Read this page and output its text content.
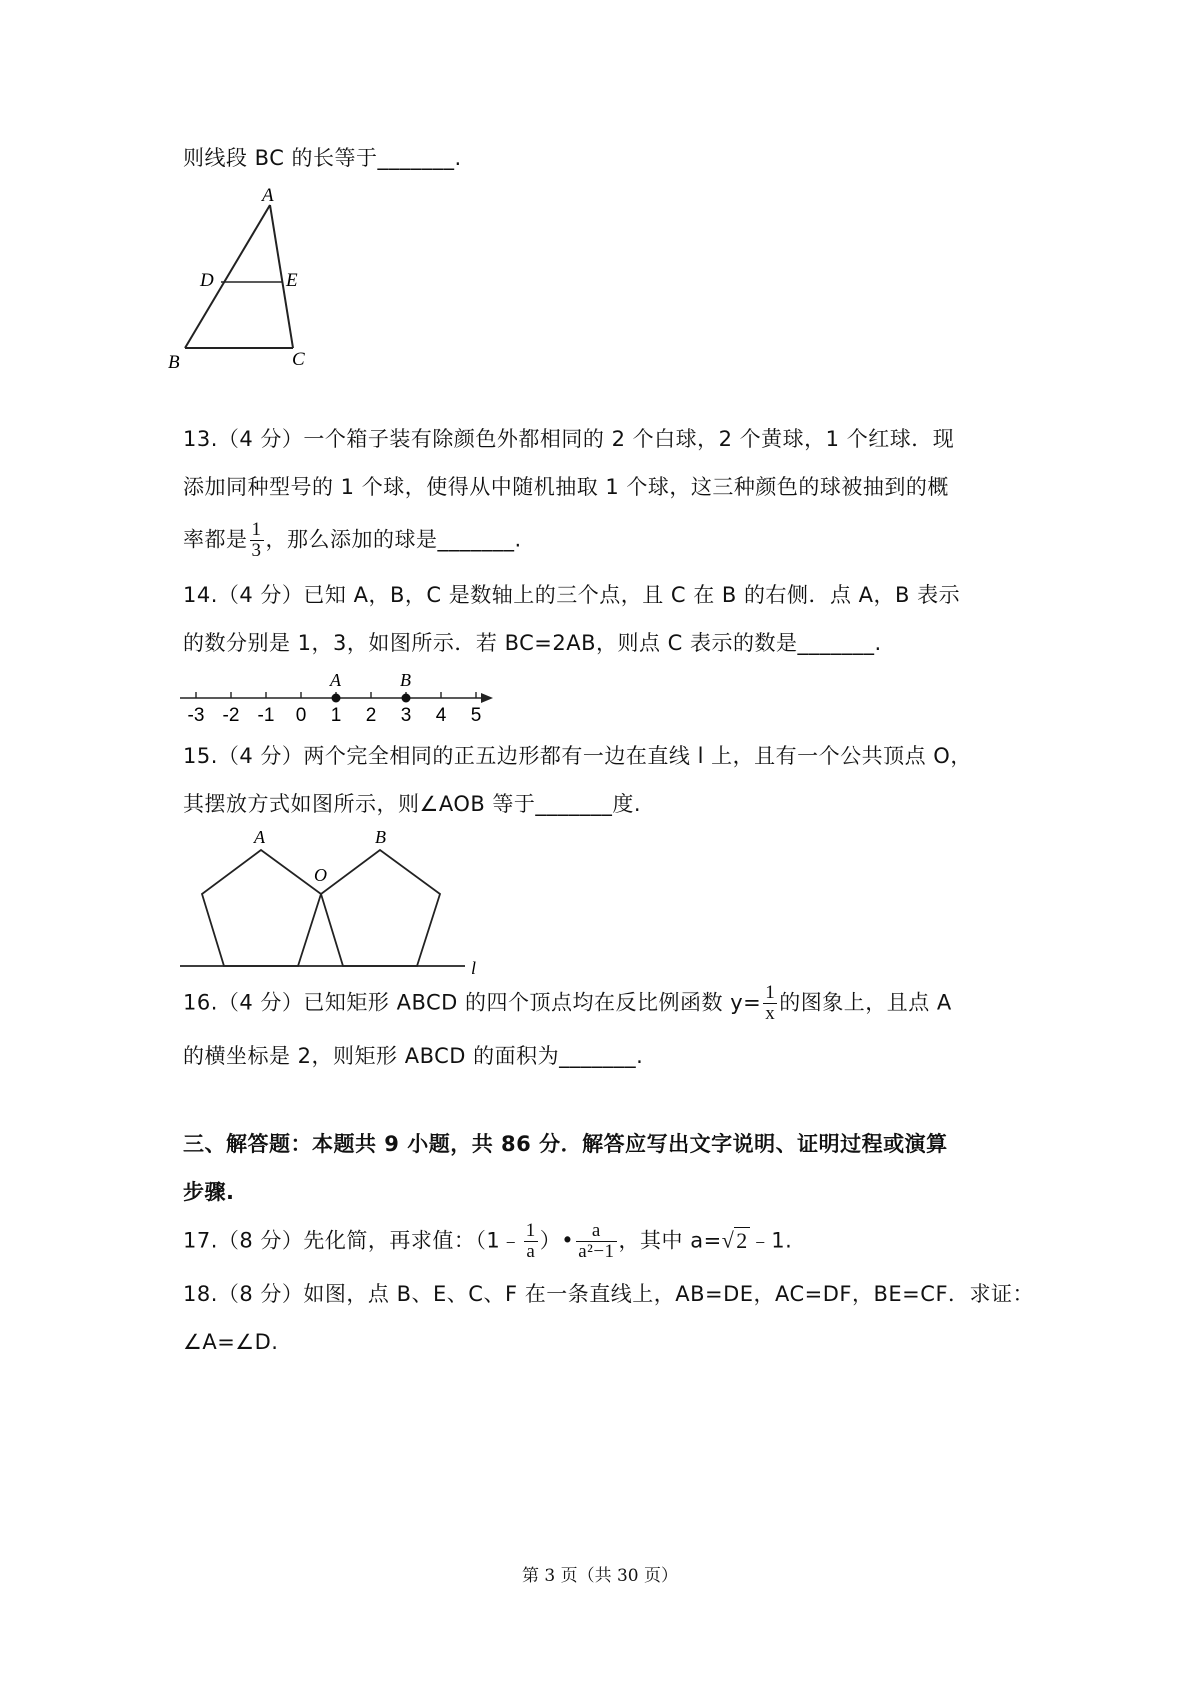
则线段 BC 的长等于_______.
A
D	E
B	C
13.（4 分）一个箱子装有除颜色外都相同的 2 个白球，2 个黄球，1 个红球．现
添加同种型号的 1 个球，使得从中随机抽取 1 个球，这三种颜色的球被抽到的概
率都是 $\frac{1}{3}$ ，那么添加的球是_______.
14.（4 分）已知 A，B，C 是数轴上的三个点，且 C 在 B 的右侧．点 A，B 表示
的数分别是 1，3，如图所示．若 BC=2AB，则点 C 表示的数是_______.
-3 -2 -1 0 1 2 3 4 5
A	B
15.（4 分）两个完全相同的正五边形都有一边在直线 l 上，且有一个公共顶点 O，
其摆放方式如图所示，则∠AOB 等于_______度.
A	B
O
l
16.（4 分）已知矩形 ABCD 的四个顶点均在反比例函数 $y= \frac{1}{x}$ 的图象上，且点 A
的横坐标是 2，则矩形 ABCD 的面积为_______.
三、解答题：本题共 9 小题，共 86 分．解答应写出文字说明、证明过程或演算
步骤.
17.（8 分）先化简，再求值：（1﹣ $\frac{1}{a}$ ）• $\frac{a}{\text{a²−1}}$ ，其中 a=√2﹣1.
18.（8 分）如图，点 B、E、C、F 在一条直线上，AB=DE，AC=DF，BE=CF．求证：
∠A=∠D.
第 3 页（共 30 页）
